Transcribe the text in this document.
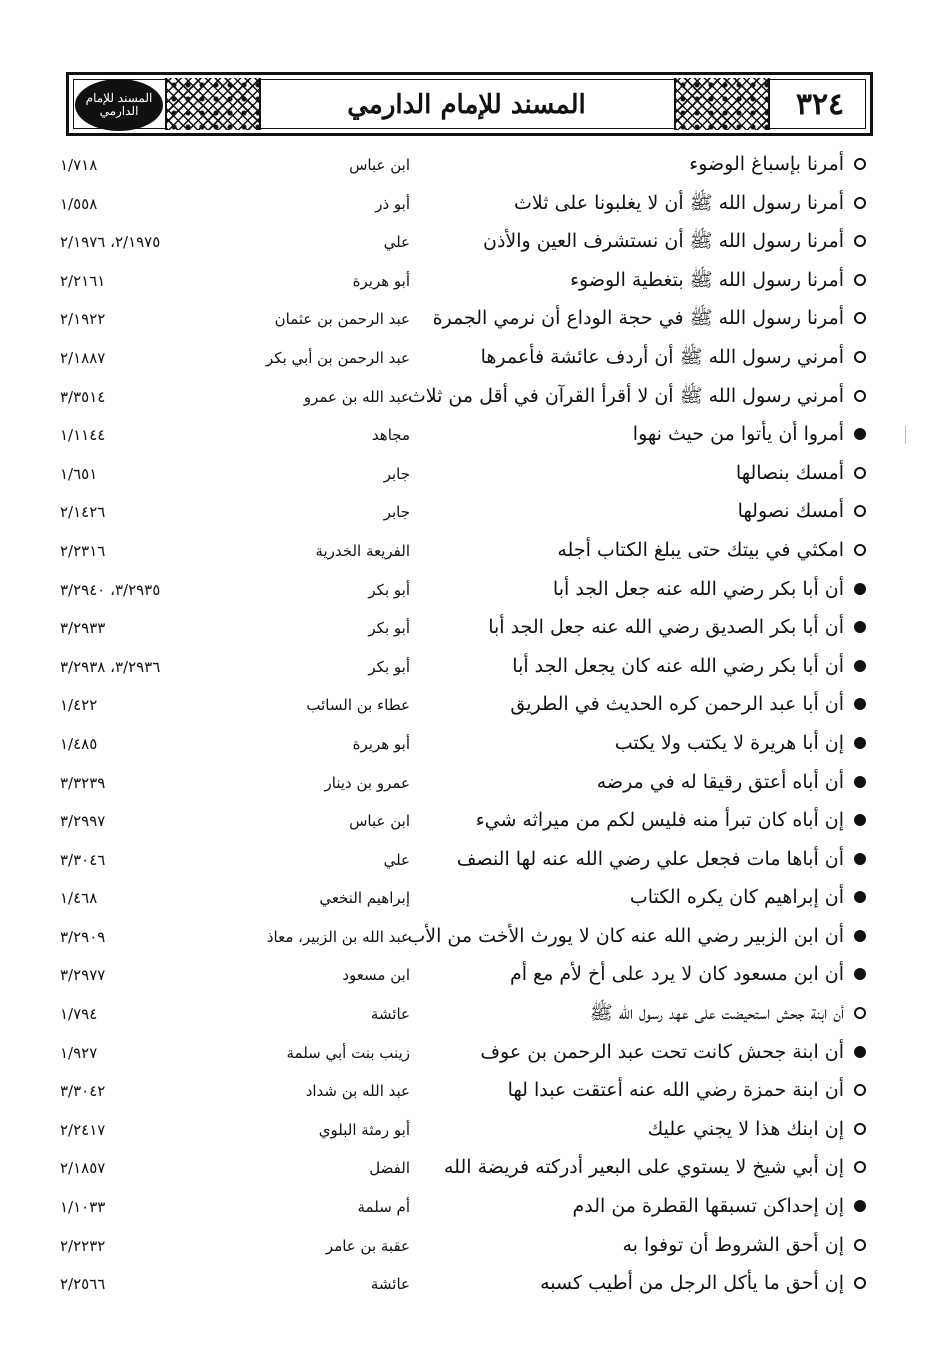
المسند للإمام الدارمي	المسند للإمام الدارمي	٣٢٤
أمرنا بإسباغ الوضوء
ابن عباس
١/٧١٨
أمرنا رسول الله ﷺ أن لا يغلبونا على ثلاث
أبو ذر
١/٥٥٨
أمرنا رسول الله ﷺ أن نستشرف العين والأذن
علي
٢/١٩٧٥، ٢/١٩٧٦
أمرنا رسول الله ﷺ بتغطية الوضوء
أبو هريرة
٢/٢١٦١
أمرنا رسول الله ﷺ في حجة الوداع أن نرمي الجمرة
عبد الرحمن بن عثمان
٢/١٩٢٢
أمرني رسول الله ﷺ أن أردف عائشة فأعمرها
عبد الرحمن بن أبي بكر
٢/١٨٨٧
أمرني رسول الله ﷺ أن لا أقرأ القرآن في أقل من ثلاث
عبد الله بن عمرو
٣/٣٥١٤
أمروا أن يأتوا من حيث نهوا
مجاهد
١/١١٤٤
أمسك بنصالها
جابر
١/٦٥١
أمسك نصولها
جابر
٢/١٤٢٦
امكثي في بيتك حتى يبلغ الكتاب أجله
الفريعة الخدرية
٢/٢٣١٦
أن أبا بكر رضي الله عنه جعل الجد أبا
أبو بكر
٣/٢٩٣٥، ٣/٢٩٤٠
أن أبا بكر الصديق رضي الله عنه جعل الجد أبا
أبو بكر
٣/٢٩٣٣
أن أبا بكر رضي الله عنه كان يجعل الجد أبا
أبو بكر
٣/٢٩٣٦، ٣/٢٩٣٨
أن أبا عبد الرحمن كره الحديث في الطريق
عطاء بن السائب
١/٤٢٢
إن أبا هريرة لا يكتب ولا يكتب
أبو هريرة
١/٤٨٥
أن أباه أعتق رقيقا له في مرضه
عمرو بن دينار
٣/٣٢٣٩
إن أباه كان تبرأ منه فليس لكم من ميراثه شيء
ابن عباس
٣/٢٩٩٧
أن أباها مات فجعل علي رضي الله عنه لها النصف
علي
٣/٣٠٤٦
أن إبراهيم كان يكره الكتاب
إبراهيم النخعي
١/٤٦٨
أن ابن الزبير رضي الله عنه كان لا يورث الأخت من الأب
عبد الله بن الزبير، معاذ
٣/٢٩٠٩
أن ابن مسعود كان لا يرد على أخ لأم مع أم
ابن مسعود
٣/٢٩٧٧
أن ابنة جحش استحيضت على عهد رسول الله ﷺ
عائشة
١/٧٩٤
أن ابنة جحش كانت تحت عبد الرحمن بن عوف
زينب بنت أبي سلمة
١/٩٢٧
أن ابنة حمزة رضي الله عنه أعتقت عبدا لها
عبد الله بن شداد
٣/٣٠٤٢
إن ابنك هذا لا يجني عليك
أبو رمثة البلوي
٢/٢٤١٧
إن أبي شيخ لا يستوي على البعير أدركته فريضة الله
الفضل
٢/١٨٥٧
إن إحداكن تسبقها القطرة من الدم
أم سلمة
١/١٠٣٣
إن أحق الشروط أن توفوا به
عقبة بن عامر
٢/٢٢٣٢
إن أحق ما يأكل الرجل من أطيب كسبه
عائشة
٢/٢٥٦٦
